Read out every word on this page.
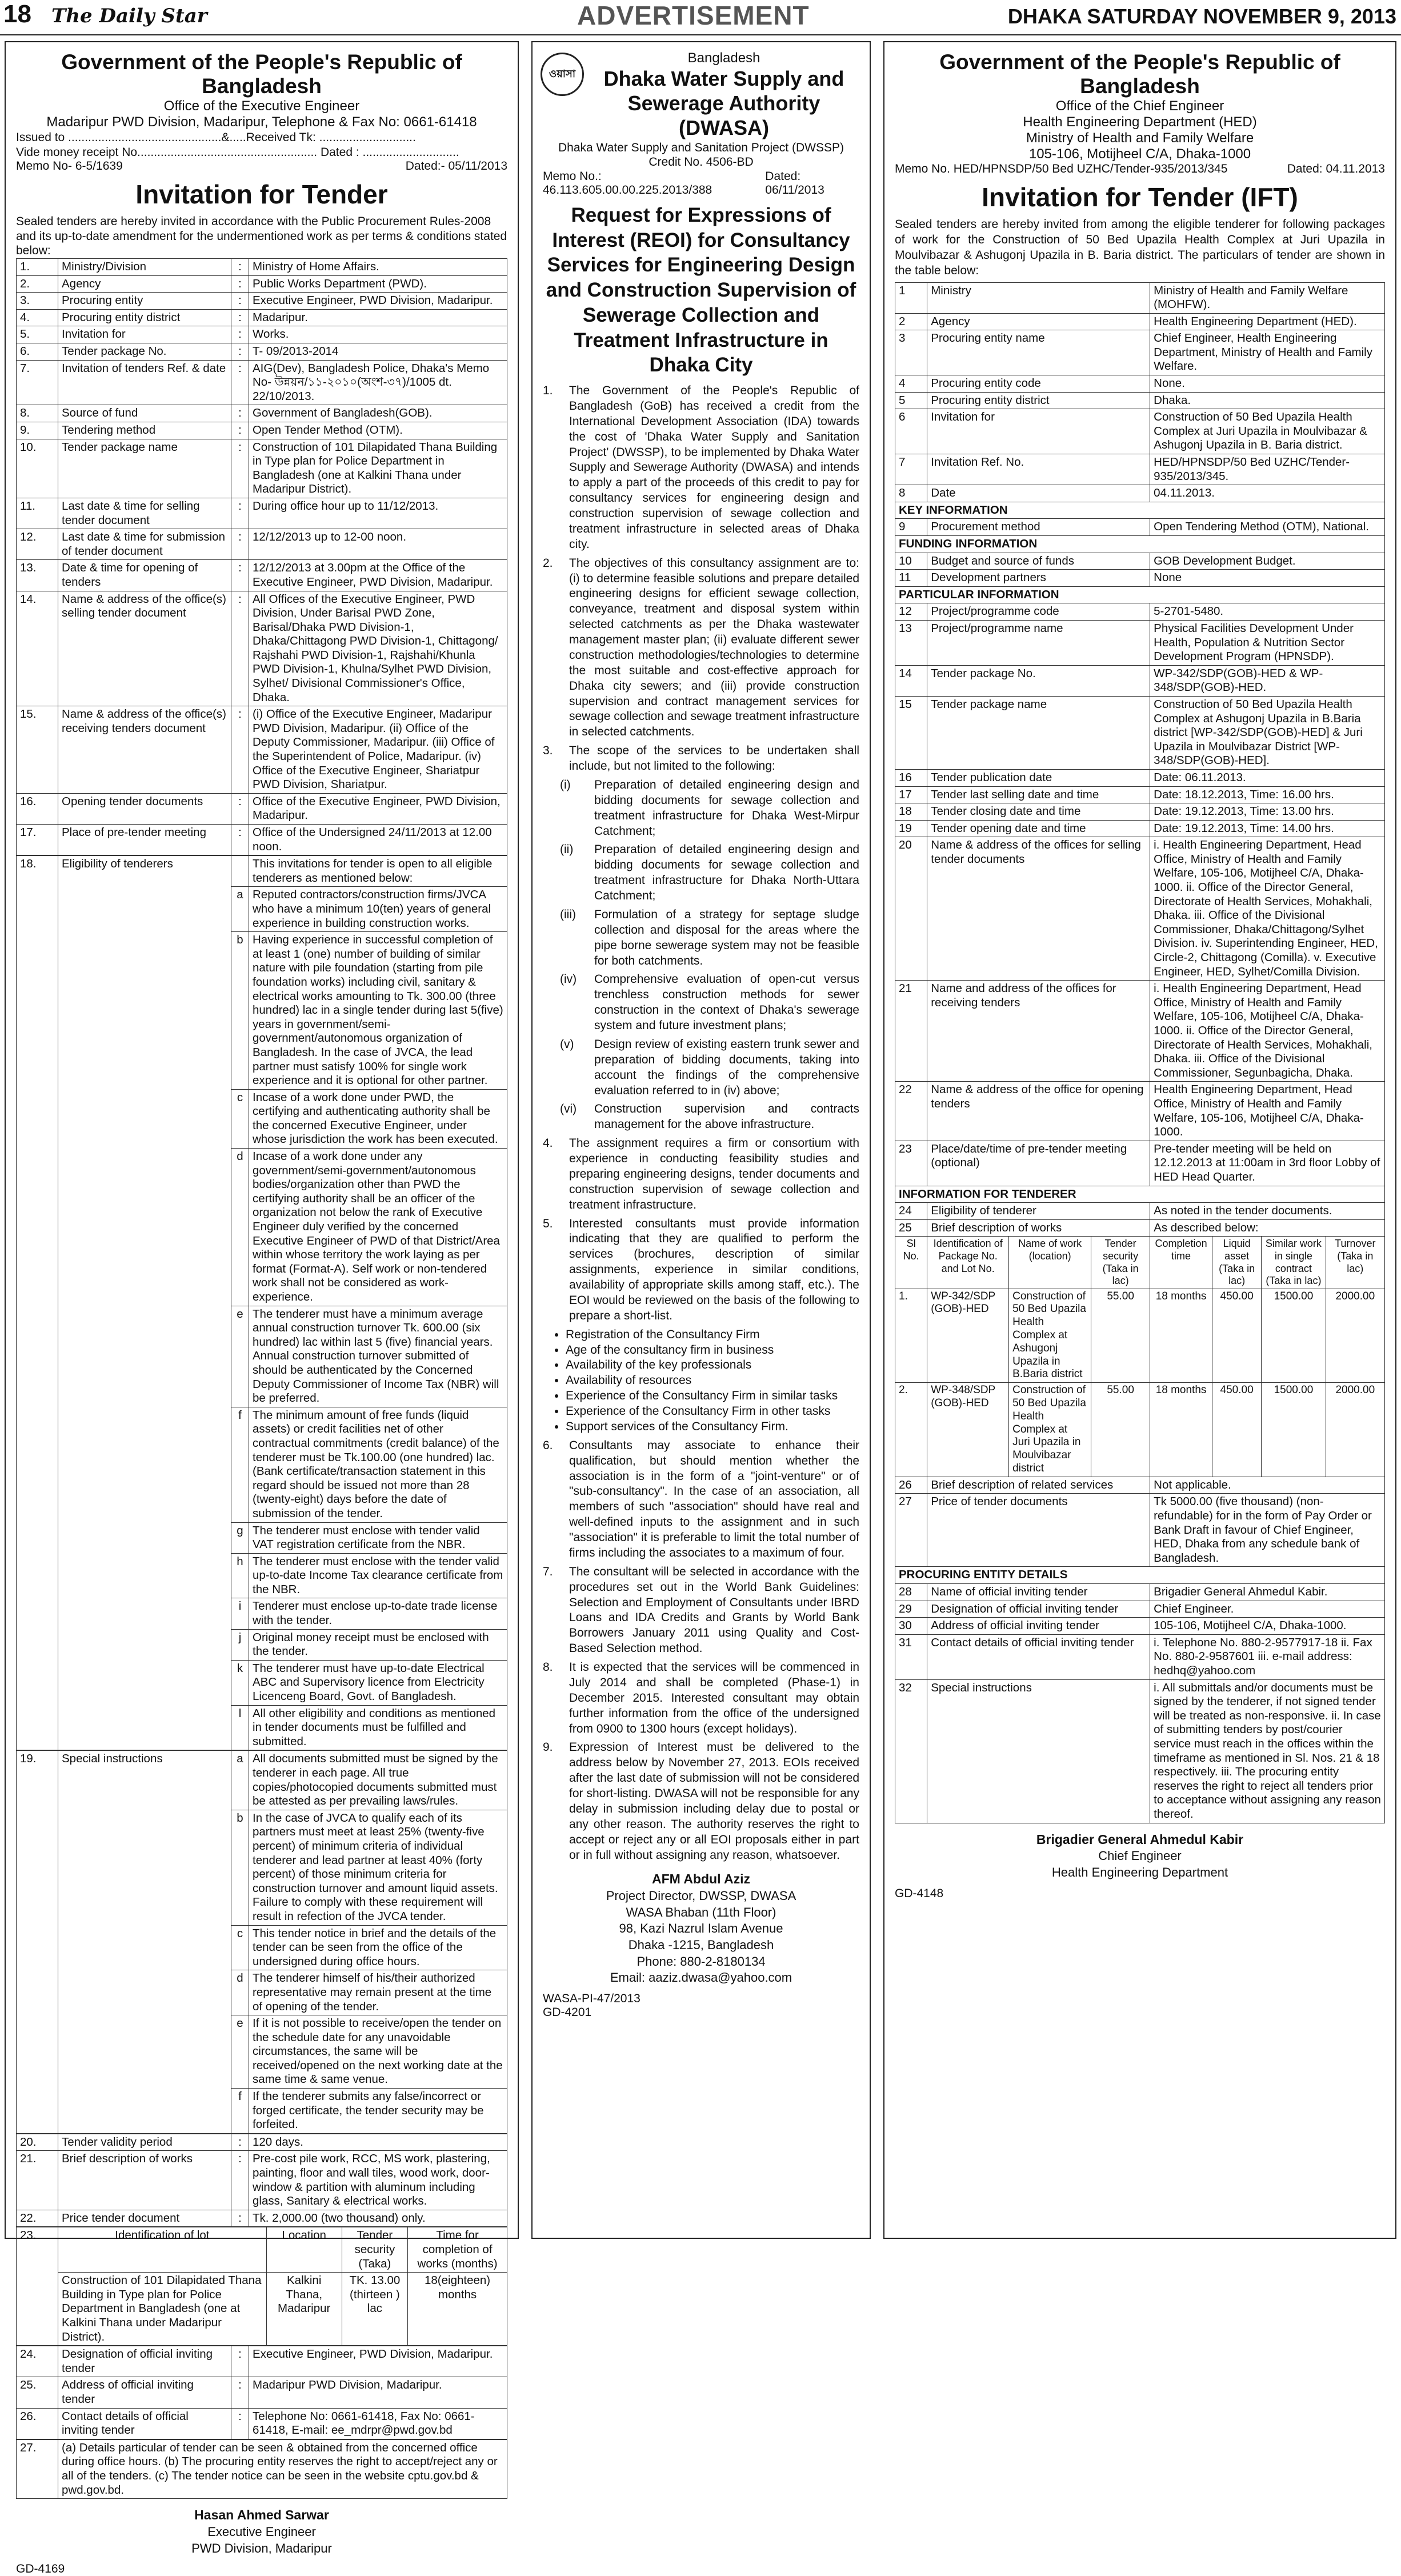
18 The Daily Star	ADVERTISEMENT	DHAKA SATURDAY NOVEMBER 9, 2013
Government of the People's Republic of Bangladesh
Office of the Executive Engineer
Madaripur PWD Division, Madaripur, Telephone & Fax No: 0661-61418
Issued to ..............................................&.....Received Tk: .............................
Vide money receipt No...................................................... Dated : .............................
Memo No- 6-5/1639	Dated:- 05/11/2013
Invitation for Tender
Sealed tenders are hereby invited in accordance with the Public Procurement Rules-2008 and its up-to-date amendment for the undermentioned work as per terms & conditions stated below:
1.	Ministry/Division	:	Ministry of Home Affairs.
2.	Agency	:	Public Works Department (PWD).
3.	Procuring entity	:	Executive Engineer, PWD Division, Madaripur.
4.	Procuring entity district	:	Madaripur.
5.	Invitation for	:	Works.
6.	Tender package No.	:	T- 09/2013-2014
7.	Invitation of tenders Ref. & date	:	AIG(Dev), Bangladesh Police, Dhaka's Memo No- উন্নয়ন/১১-২০১০(অংশ-৩৭)/1005 dt. 22/10/2013.
8.	Source of fund	:	Government of Bangladesh(GOB).
9.	Tendering method	:	Open Tender Method (OTM).
10.	Tender package name	:	Construction of 101 Dilapidated Thana Building in Type plan for Police Department in Bangladesh (one at Kalkini Thana under Madaripur District).
11.	Last date & time for selling tender document	:	During office hour up to 11/12/2013.
12.	Last date & time for submission of tender document	:	12/12/2013 up to 12-00 noon.
13.	Date & time for opening of tenders	:	12/12/2013 at 3.00pm at the Office of the Executive Engineer, PWD Division, Madaripur.
14.	Name & address of the office(s) selling tender document	:	All Offices of the Executive Engineer, PWD Division, Under Barisal PWD Zone, Barisal/Dhaka PWD Division-1, Dhaka/Chittagong PWD Division-1, Chittagong/ Rajshahi PWD Division-1, Rajshahi/Khunla PWD Division-1, Khulna/Sylhet PWD Division, Sylhet/ Divisional Commissioner's Office, Dhaka.
15.	Name & address of the office(s) receiving tenders document	:	(i) Office of the Executive Engineer, Madaripur PWD Division, Madaripur. (ii) Office of the Deputy Commissioner, Madaripur. (iii) Office of the Superintendent of Police, Madaripur. (iv) Office of the Executive Engineer, Shariatpur PWD Division, Shariatpur.
16.	Opening tender documents	:	Office of the Executive Engineer, PWD Division, Madaripur.
17.	Place of pre-tender meeting	:	Office of the Undersigned 24/11/2013 at 12.00 noon.
18.	Eligibility of tenderers		This invitations for tender is open to all eligible tenderers as mentioned below:
		a	Reputed contractors/construction firms/JVCA who have a minimum 10(ten) years of general experience in building construction works.
		b	Having experience in successful completion of at least 1 (one) number of building of similar nature with pile foundation (starting from pile foundation works) including civil, sanitary & electrical works amounting to Tk. 300.00 (three hundred) lac in a single tender during last 5(five) years in government/semi-government/autonomous organization of Bangladesh. In the case of JVCA, the lead partner must satisfy 100% for single work experience and it is optional for other partner.
		c	Incase of a work done under PWD, the certifying and authenticating authority shall be the concerned Executive Engineer, under whose jurisdiction the work has been executed.
		d	Incase of a work done under any government/semi-government/autonomous bodies/organization other than PWD the certifying authority shall be an officer of the organization not below the rank of Executive Engineer duly verified by the concerned Executive Engineer of PWD of that District/Area within whose territory the work laying as per format (Format-A). Self work or non-tendered work shall not be considered as work-experience.
		e	The tenderer must have a minimum average annual construction turnover Tk. 600.00 (six hundred) lac within last 5 (five) financial years. Annual construction turnover submitted of should be authenticated by the Concerned Deputy Commissioner of Income Tax (NBR) will be preferred.
		f	The minimum amount of free funds (liquid assets) or credit facilities net of other contractual commitments (credit balance) of the tenderer must be Tk.100.00 (one hundred) lac. (Bank certificate/transaction statement in this regard should be issued not more than 28 (twenty-eight) days before the date of submission of the tender.
		g	The tenderer must enclose with tender valid VAT registration certificate from the NBR.
		h	The tenderer must enclose with the tender valid up-to-date Income Tax clearance certificate from the NBR.
		i	Tenderer must enclose up-to-date trade license with the tender.
		j	Original money receipt must be enclosed with the tender.
		k	The tenderer must have up-to-date Electrical ABC and Supervisory licence from Electricity Licenceng Board, Govt. of Bangladesh.
		l	All other eligibility and conditions as mentioned in tender documents must be fulfilled and submitted.
19.	Special instructions	a	All documents submitted must be signed by the tenderer in each page. All true copies/photocopied documents submitted must be attested as per prevailing laws/rules.
		b	In the case of JVCA to qualify each of its partners must meet at least 25% (twenty-five percent) of minimum criteria of individual tenderer and lead partner at least 40% (forty percent) of those minimum criteria for construction turnover and amount liquid assets. Failure to comply with these requirement will result in refection of the JVCA tender.
		c	This tender notice in brief and the details of the tender can be seen from the office of the undersigned during office hours.
		d	The tenderer himself of his/their authorized representative may remain present at the time of opening of the tender.
		e	If it is not possible to receive/open the tender on the schedule date for any unavoidable circumstances, the same will be received/opened on the next working date at the same time & same venue.
		f	If the tenderer submits any false/incorrect or forged certificate, the tender security may be forfeited.
20.	Tender validity period	:	120 days.
21.	Brief description of works	:	Pre-cost pile work, RCC, MS work, plastering, painting, floor and wall tiles, wood work, door-window & partition with aluminum including glass, Sanitary & electrical works.
22.	Price tender document	:	Tk. 2,000.00 (two thousand) only.
23.	Identification of lot	Location	Tender security (Taka)	Time for completion of works (months)
	Construction of 101 Dilapidated Thana Building in Type plan for Police Department in Bangladesh (one at Kalkini Thana under Madaripur District).	Kalkini Thana, Madaripur	TK. 13.00 (thirteen ) lac	18(eighteen) months
24.	Designation of official inviting tender	:	Executive Engineer, PWD Division, Madaripur.
25.	Address of official inviting tender	:	Madaripur PWD Division, Madaripur.
26.	Contact details of official inviting tender	:	Telephone No: 0661-61418, Fax No: 0661-61418, E-mail: ee_mdrpr@pwd.gov.bd
27.	(a) Details particular of tender can be seen & obtained from the concerned office during office hours. (b) The procuring entity reserves the right to accept/reject any or all of the tenders. (c) The tender notice can be seen in the website cptu.gov.bd & pwd.gov.bd.
Hasan Ahmed Sarwar
Executive Engineer
PWD Division, Madaripur
GD-4169
ওয়াসা
Bangladesh
Dhaka Water Supply and Sewerage Authority (DWASA)
Dhaka Water Supply and Sanitation Project (DWSSP)
Credit No. 4506-BD
Memo No.: 46.113.605.00.00.225.2013/388
Dated: 06/11/2013
Request for Expressions of Interest (REOI) for Consultancy Services for Engineering Design and Construction Supervision of Sewerage Collection and Treatment Infrastructure in Dhaka City
1.	The Government of the People's Republic of Bangladesh (GoB) has received a credit from the International Development Association (IDA) towards the cost of 'Dhaka Water Supply and Sanitation Project' (DWSSP), to be implemented by Dhaka Water Supply and Sewerage Authority (DWASA) and intends to apply a part of the proceeds of this credit to pay for consultancy services for engineering design and construction supervision of sewage collection and treatment infrastructure in selected areas of Dhaka city.
2.	The objectives of this consultancy assignment are to: (i) to determine feasible solutions and prepare detailed engineering designs for efficient sewage collection, conveyance, treatment and disposal system within selected catchments as per the Dhaka wastewater management master plan; (ii) evaluate different sewer construction methodologies/technologies to determine the most suitable and cost-effective approach for Dhaka city sewers; and (iii) provide construction supervision and contract management services for sewage collection and sewage treatment infrastructure in selected catchments.
3.	The scope of the services to be undertaken shall include, but not limited to the following:
(i)	Preparation of detailed engineering design and bidding documents for sewage collection and treatment infrastructure for Dhaka West-Mirpur Catchment;
(ii)	Preparation of detailed engineering design and bidding documents for sewage collection and treatment infrastructure for Dhaka North-Uttara Catchment;
(iii)	Formulation of a strategy for septage sludge collection and disposal for the areas where the pipe borne sewerage system may not be feasible for both catchments.
(iv)	Comprehensive evaluation of open-cut versus trenchless construction methods for sewer construction in the context of Dhaka's sewerage system and future investment plans;
(v)	Design review of existing eastern trunk sewer and preparation of bidding documents, taking into account the findings of the comprehensive evaluation referred to in (iv) above;
(vi)	Construction supervision and contracts management for the above infrastructure.
4.	The assignment requires a firm or consortium with experience in conducting feasibility studies and preparing engineering designs, tender documents and construction supervision of sewage collection and treatment infrastructure.
5.	Interested consultants must provide information indicating that they are qualified to perform the services (brochures, description of similar assignments, experience in similar conditions, availability of appropriate skills among staff, etc.). The EOI would be reviewed on the basis of the following to prepare a short-list.
• Registration of the Consultancy Firm
• Age of the consultancy firm in business
• Availability of the key professionals
• Availability of resources
• Experience of the Consultancy Firm in similar tasks
• Experience of the Consultancy Firm in other tasks
• Support services of the Consultancy Firm.
6.	Consultants may associate to enhance their qualification, but should mention whether the association is in the form of a "joint-venture" or of "sub-consultancy". In the case of an association, all members of such "association" should have real and well-defined inputs to the assignment and in such "association" it is preferable to limit the total number of firms including the associates to a maximum of four.
7.	The consultant will be selected in accordance with the procedures set out in the World Bank Guidelines: Selection and Employment of Consultants under IBRD Loans and IDA Credits and Grants by World Bank Borrowers January 2011 using Quality and Cost-Based Selection method.
8.	It is expected that the services will be commenced in July 2014 and shall be completed (Phase-1) in December 2015. Interested consultant may obtain further information from the office of the undersigned from 0900 to 1300 hours (except holidays).
9.	Expression of Interest must be delivered to the address below by November 27, 2013. EOIs received after the last date of submission will not be considered for short-listing. DWASA will not be responsible for any delay in submission including delay due to postal or any other reason. The authority reserves the right to accept or reject any or all EOI proposals either in part or in full without assigning any reason, whatsoever.
AFM Abdul Aziz
Project Director, DWSSP, DWASA
WASA Bhaban (11th Floor)
98, Kazi Nazrul Islam Avenue
Dhaka -1215, Bangladesh
Phone: 880-2-8180134
Email: aaziz.dwasa@yahoo.com
WASA-PI-47/2013
GD-4201
Government of the People's Republic of Bangladesh
Office of the Chief Engineer
Health Engineering Department (HED)
Ministry of Health and Family Welfare
105-106, Motijheel C/A, Dhaka-1000
Memo No. HED/HPNSDP/50 Bed UZHC/Tender-935/2013/345	Dated: 04.11.2013
Invitation for Tender (IFT)
Sealed tenders are hereby invited from among the eligible tenderer for following packages of work for the Construction of 50 Bed Upazila Health Complex at Juri Upazila in Moulvibazar & Ashugonj Upazila in B. Baria district. The particulars of tender are shown in the table below:
1	Ministry			Ministry of Health and Family Welfare (MOHFW).			
2	Agency			Health Engineering Department (HED).			
3	Procuring entity name			Chief Engineer, Health Engineering Department, Ministry of Health and Family Welfare.			
4	Procuring entity code			None.			
5	Procuring entity district			Dhaka.			
6	Invitation for			Construction of 50 Bed Upazila Health Complex at Juri Upazila in Moulvibazar & Ashugonj Upazila in B. Baria district.			
7	Invitation Ref. No.			HED/HPNSDP/50 Bed UZHC/Tender-935/2013/345.			
8	Date			04.11.2013.			
KEY INFORMATION							
9	Procurement method			Open Tendering Method (OTM), National.			
FUNDING INFORMATION							
10	Budget and source of funds			GOB Development Budget.			
11	Development partners			None			
PARTICULAR INFORMATION							
12	Project/programme code			5-2701-5480.			
13	Project/programme name			Physical Facilities Development Under Health, Population & Nutrition Sector Development Program (HPNSDP).			
14	Tender package No.			WP-342/SDP(GOB)-HED & WP-348/SDP(GOB)-HED.			
15	Tender package name			Construction of 50 Bed Upazila Health Complex at Ashugonj Upazila in B.Baria district [WP-342/SDP(GOB)-HED] & Juri Upazila in Moulvibazar District [WP-348/SDP(GOB)-HED].			
16	Tender publication date			Date: 06.11.2013.			
17	Tender last selling date and time			Date: 18.12.2013, Time: 16.00 hrs.			
18	Tender closing date and time			Date: 19.12.2013, Time: 13.00 hrs.			
19	Tender opening date and time			Date: 19.12.2013, Time: 14.00 hrs.			
20	Name & address of the offices for selling tender documents			i. Health Engineering Department, Head Office, Ministry of Health and Family Welfare, 105-106, Motijheel C/A, Dhaka-1000. ii. Office of the Director General, Directorate of Health Services, Mohakhali, Dhaka. iii. Office of the Divisional Commissioner, Dhaka/Chittagong/Sylhet Division. iv. Superintending Engineer, HED, Circle-2, Chittagong (Comilla). v. Executive Engineer, HED, Sylhet/Comilla Division.			
21	Name and address of the offices for receiving tenders			i. Health Engineering Department, Head Office, Ministry of Health and Family Welfare, 105-106, Motijheel C/A, Dhaka-1000. ii. Office of the Director General, Directorate of Health Services, Mohakhali, Dhaka. iii. Office of the Divisional Commissioner, Segunbagicha, Dhaka.			
22	Name & address of the office for opening tenders			Health Engineering Department, Head Office, Ministry of Health and Family Welfare, 105-106, Motijheel C/A, Dhaka-1000.			
23	Place/date/time of pre-tender meeting (optional)			Pre-tender meeting will be held on 12.12.2013 at 11:00am in 3rd floor Lobby of HED Head Quarter.			
INFORMATION FOR TENDERER							
24	Eligibility of tenderer			As noted in the tender documents.			
25	Brief description of works			As described below:			
Sl No.	Identification of Package No. and Lot No.	Name of work (location)	Tender security (Taka in lac)	Completion time	Liquid asset (Taka in lac)	Similar work in single contract (Taka in lac)	Turnover (Taka in lac)
1.	WP-342/SDP (GOB)-HED	Construction of 50 Bed Upazila Health Complex at Ashugonj Upazila in B.Baria district	55.00	18 months	450.00	1500.00	2000.00
2.	WP-348/SDP (GOB)-HED	Construction of 50 Bed Upazila Health Complex at Juri Upazila in Moulvibazar district	55.00	18 months	450.00	1500.00	2000.00
26	Brief description of related services			Not applicable.			
27	Price of tender documents			Tk 5000.00 (five thousand) (non-refundable) for in the form of Pay Order or Bank Draft in favour of Chief Engineer, HED, Dhaka from any schedule bank of Bangladesh.			
PROCURING ENTITY DETAILS							
28	Name of official inviting tender			Brigadier General Ahmedul Kabir.			
29	Designation of official inviting tender			Chief Engineer.			
30	Address of official inviting tender			105-106, Motijheel C/A, Dhaka-1000.			
31	Contact details of official inviting tender			i. Telephone No. 880-2-9577917-18 ii. Fax No. 880-2-9587601 iii. e-mail address: hedhq@yahoo.com			
32	Special instructions			i. All submittals and/or documents must be signed by the tenderer, if not signed tender will be treated as non-responsive. ii. In case of submitting tenders by post/courier service must reach in the offices within the timeframe as mentioned in Sl. Nos. 21 & 18 respectively. iii. The procuring entity reserves the right to reject all tenders prior to acceptance without assigning any reason thereof.			
Brigadier General Ahmedul Kabir
Chief Engineer
Health Engineering Department
GD-4148
